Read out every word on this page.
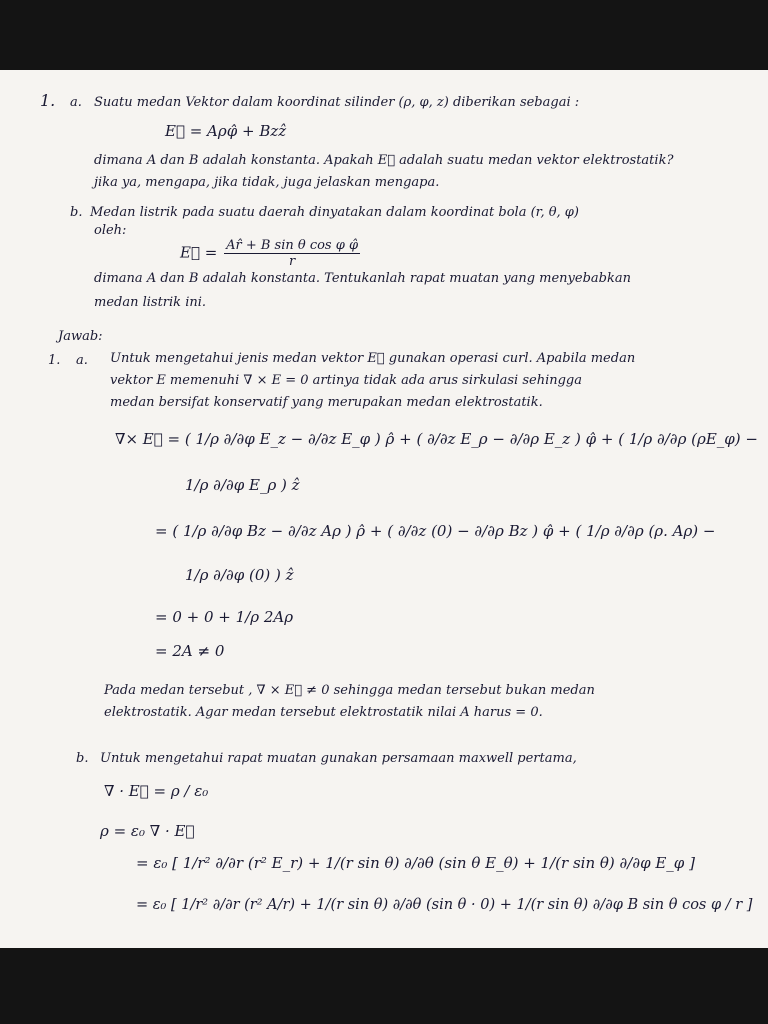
1. a. Suatu medan Vektor dalam koordinat silinder (ρ, φ, z) diberikan sebagai :
E⃗ = Aρφ̂ + Bzẑ
dimana A dan B adalah konstanta. Apakah E⃗ adalah suatu medan vektor elektrostatik?
jika ya, mengapa, jika tidak, juga jelaskan mengapa.
b. Medan listrik pada suatu daerah dinyatakan dalam koordinat bola (r, θ, φ)
oleh:
E⃗ = $\frac{\text{Ar̂ + B sin θ cos φ φ̂}}{r}$
dimana A dan B adalah konstanta. Tentukanlah rapat muatan yang menyebabkan
medan listrik ini.
Jawab:
1. a. Untuk mengetahui jenis medan vektor E⃗ gunakan operasi curl. Apabila medan
vektor E memenuhi ∇ × E = 0 artinya tidak ada arus sirkulasi sehingga
medan bersifat konservatif yang merupakan medan elektrostatik.
∇× E⃗ = ( 1/ρ ∂/∂φ E_z − ∂/∂z E_φ ) ρ̂ + ( ∂/∂z E_ρ − ∂/∂ρ E_z ) φ̂ + ( 1/ρ ∂/∂ρ (ρE_φ) −
1/ρ ∂/∂φ E_ρ ) ẑ
= ( 1/ρ ∂/∂φ Bz − ∂/∂z Aρ ) ρ̂ + ( ∂/∂z (0) − ∂/∂ρ Bz ) φ̂ + ( 1/ρ ∂/∂ρ (ρ. Aρ) −
1/ρ ∂/∂φ (0) ) ẑ
= 0 + 0 + 1/ρ 2Aρ
= 2A ≠ 0
Pada medan tersebut , ∇ × E⃗ ≠ 0 sehingga medan tersebut bukan medan
elektrostatik. Agar medan tersebut elektrostatik nilai A harus = 0.
b. Untuk mengetahui rapat muatan gunakan persamaan maxwell pertama,
∇ · E⃗ = ρ / ε₀
ρ = ε₀ ∇ · E⃗
= ε₀ [ 1/r² ∂/∂r (r² E_r) + 1/(r sin θ) ∂/∂θ (sin θ E_θ) + 1/(r sin θ) ∂/∂φ E_φ ]
= ε₀ [ 1/r² ∂/∂r (r² A/r) + 1/(r sin θ) ∂/∂θ (sin θ · 0) + 1/(r sin θ) ∂/∂φ B sin θ cos φ / r ]
